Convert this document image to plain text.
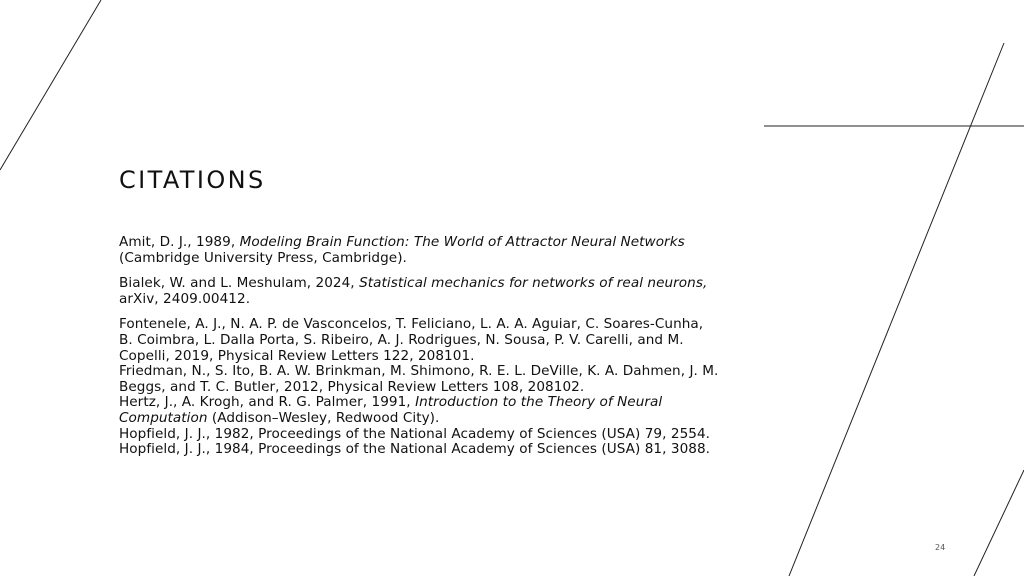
CITATIONS

Amit, D. J., 1989, Modeling Brain Function: The World of Attractor Neural Networks (Cambridge University Press, Cambridge).

Bialek, W. and L. Meshulam, 2024, Statistical mechanics for networks of real neurons, arXiv, 2409.00412.

Fontenele, A. J., N. A. P. de Vasconcelos, T. Feliciano, L. A. A. Aguiar, C. Soares-Cunha, B. Coimbra, L. Dalla Porta, S. Ribeiro, A. J. Rodrigues, N. Sousa, P. V. Carelli, and M. Copelli, 2019, Physical Review Letters 122, 208101.

Friedman, N., S. Ito, B. A. W. Brinkman, M. Shimono, R. E. L. DeVille, K. A. Dahmen, J. M. Beggs, and T. C. Butler, 2012, Physical Review Letters 108, 208102.

Hertz, J., A. Krogh, and R. G. Palmer, 1991, Introduction to the Theory of Neural Computation (Addison–Wesley, Redwood City).

Hopfield, J. J., 1982, Proceedings of the National Academy of Sciences (USA) 79, 2554.

Hopfield, J. J., 1984, Proceedings of the National Academy of Sciences (USA) 81, 3088.

24
